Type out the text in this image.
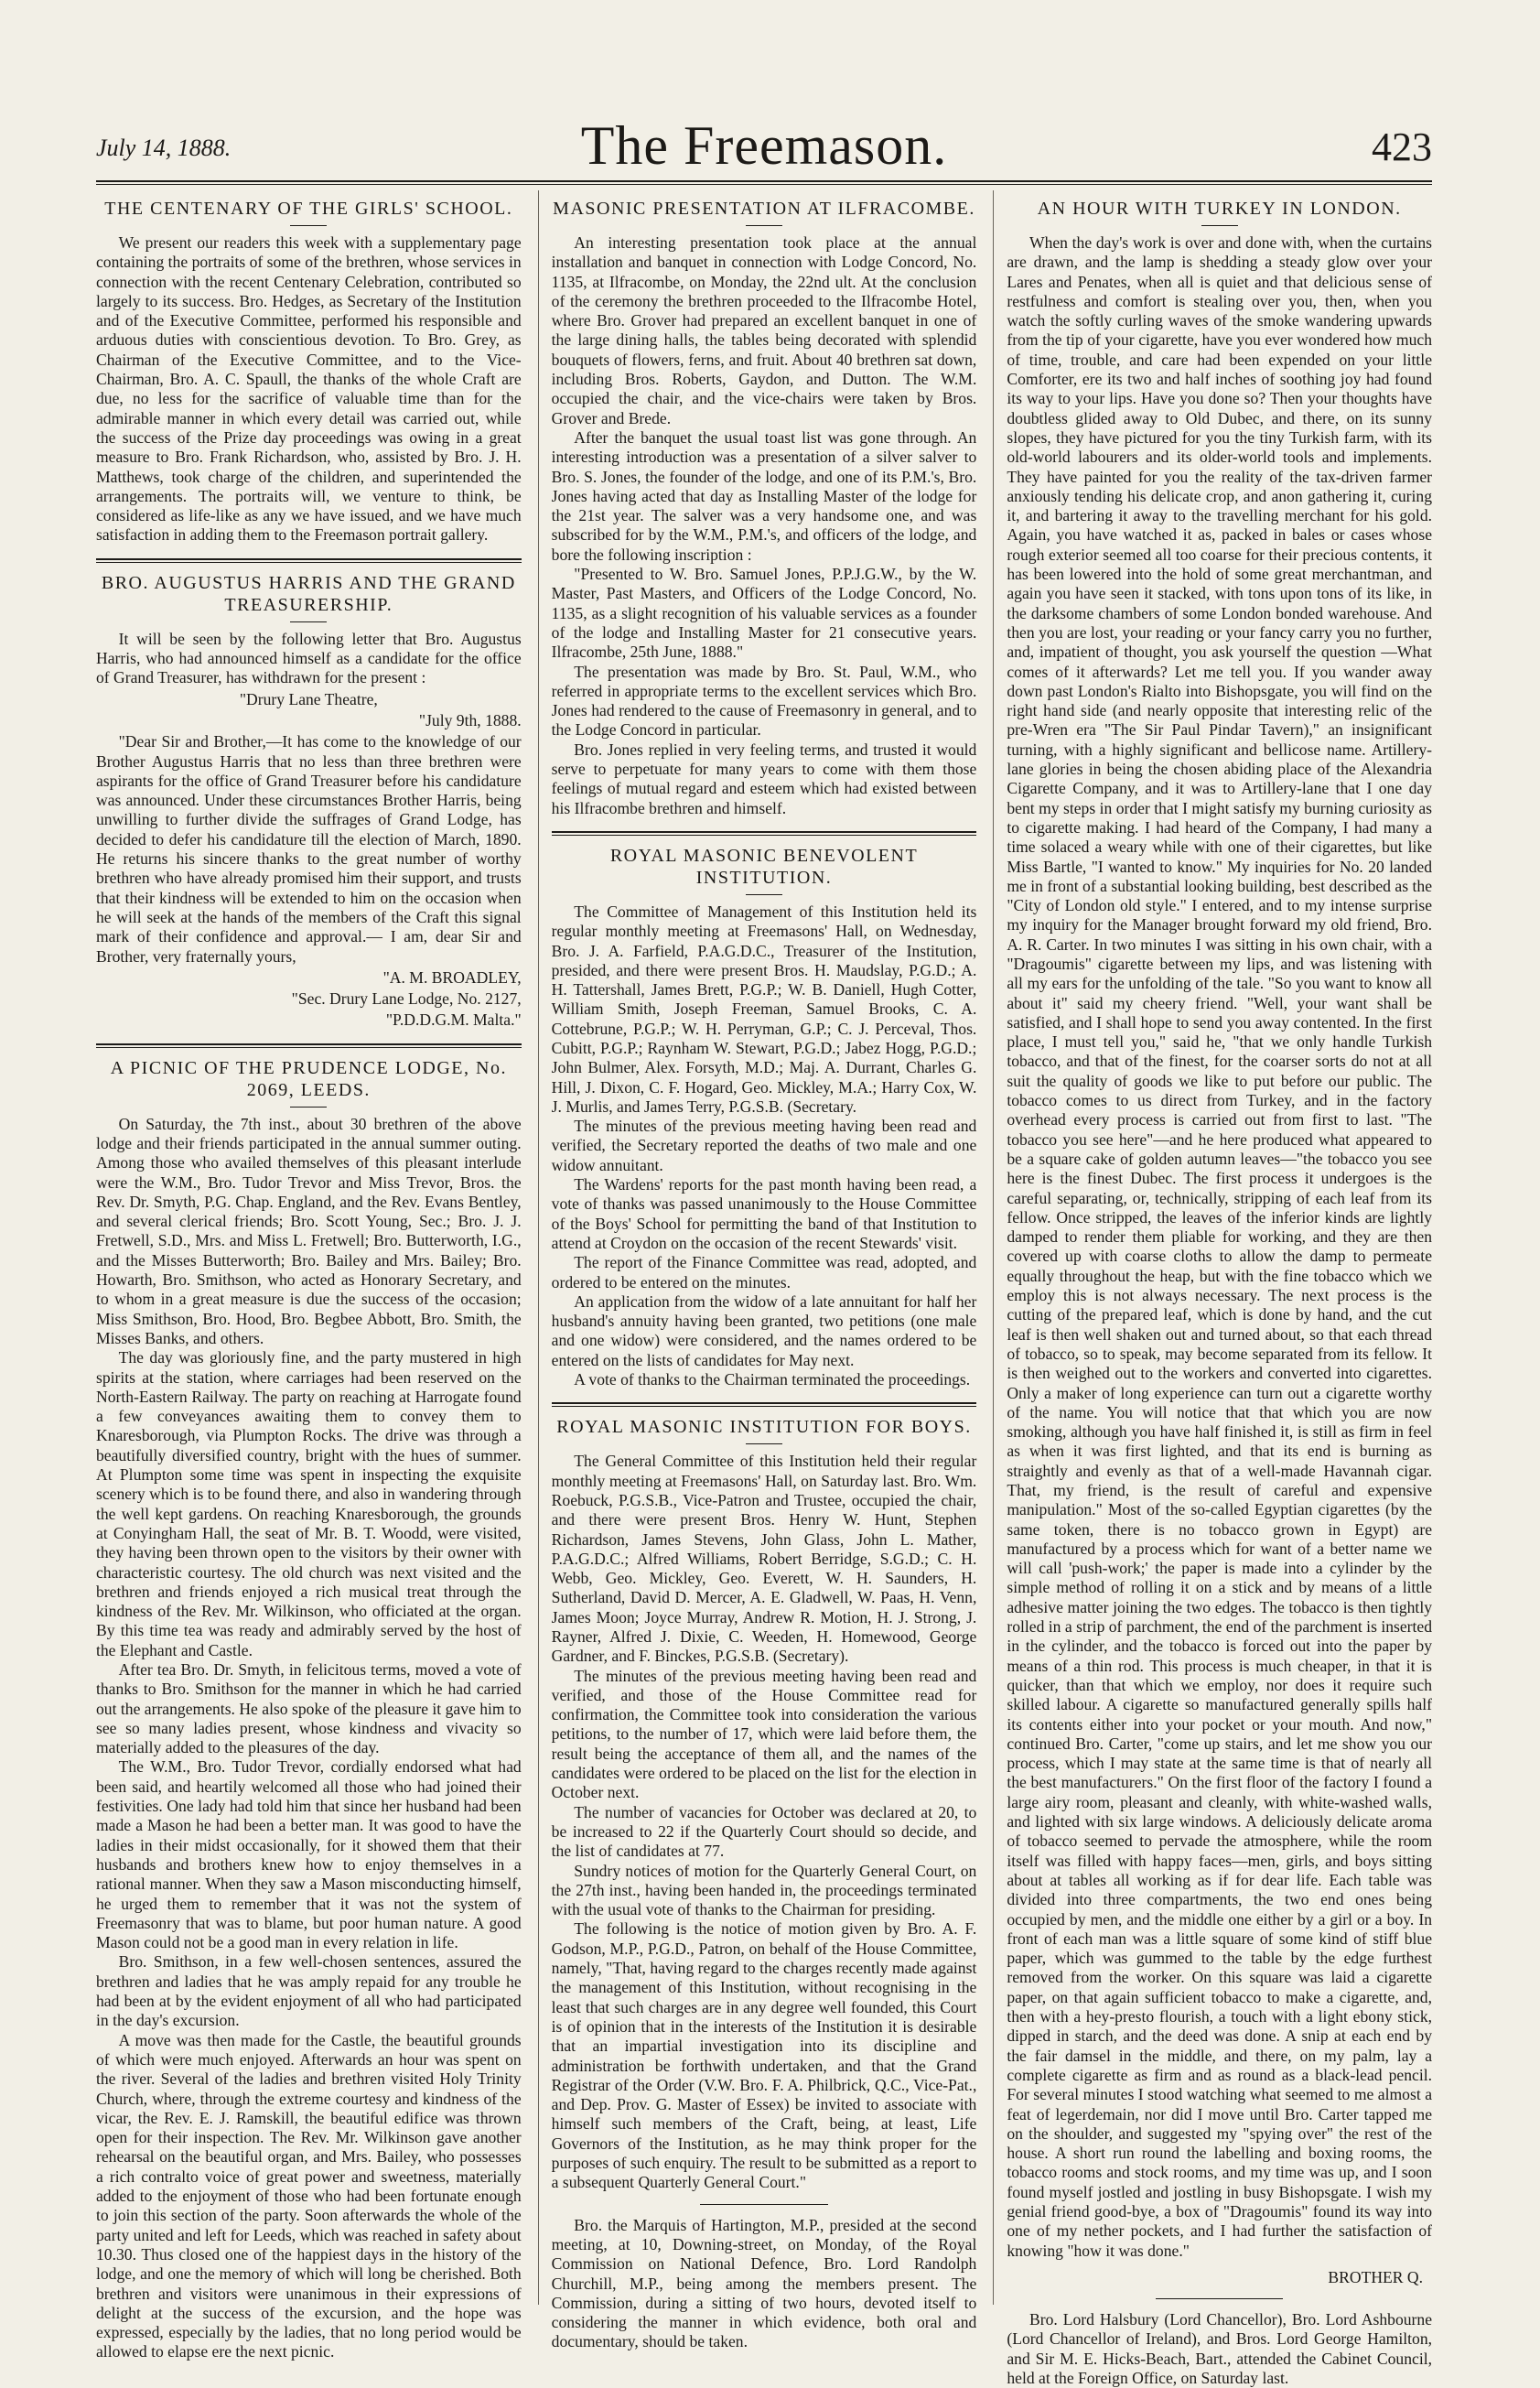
July 14, 1888.	The Freemason.	423
THE CENTENARY OF THE GIRLS' SCHOOL.

We present our readers this week with a supplementary page containing the portraits of some of the brethren, whose services in connection with the recent Centenary Celebration, contributed so largely to its success. Bro. Hedges, as Secretary of the Institution and of the Executive Committee, performed his responsible and arduous duties with conscientious devotion. To Bro. Grey, as Chairman of the Executive Committee, and to the Vice-Chairman, Bro. A. C. Spaull, the thanks of the whole Craft are due, no less for the sacrifice of valuable time than for the admirable manner in which every detail was carried out, while the success of the Prize day proceedings was owing in a great measure to Bro. Frank Richardson, who, assisted by Bro. J. H. Matthews, took charge of the children, and superintended the arrangements. The portraits will, we venture to think, be considered as life-like as any we have issued, and we have much satisfaction in adding them to the Freemason portrait gallery.

BRO. AUGUSTUS HARRIS AND THE GRAND TREASURERSHIP.

It will be seen by the following letter that Bro. Augustus Harris, who had announced himself as a candidate for the office of Grand Treasurer, has withdrawn for the present :

"Drury Lane Theatre,

"July 9th, 1888.

"Dear Sir and Brother,—It has come to the knowledge of our Brother Augustus Harris that no less than three brethren were aspirants for the office of Grand Treasurer before his candidature was announced. Under these circumstances Brother Harris, being unwilling to further divide the suffrages of Grand Lodge, has decided to defer his candidature till the election of March, 1890. He returns his sincere thanks to the great number of worthy brethren who have already promised him their support, and trusts that their kindness will be extended to him on the occasion when he will seek at the hands of the members of the Craft this signal mark of their confidence and approval.— I am, dear Sir and Brother, very fraternally yours,

"A. M. BROADLEY,

"Sec. Drury Lane Lodge, No. 2127,

"P.D.D.G.M. Malta."

A PICNIC OF THE PRUDENCE LODGE, No. 2069, LEEDS.

On Saturday, the 7th inst., about 30 brethren of the above lodge and their friends participated in the annual summer outing. Among those who availed themselves of this pleasant interlude were the W.M., Bro. Tudor Trevor and Miss Trevor, Bros. the Rev. Dr. Smyth, P.G. Chap. England, and the Rev. Evans Bentley, and several clerical friends; Bro. Scott Young, Sec.; Bro. J. J. Fretwell, S.D., Mrs. and Miss L. Fretwell; Bro. Butterworth, I.G., and the Misses Butterworth; Bro. Bailey and Mrs. Bailey; Bro. Howarth, Bro. Smithson, who acted as Honorary Secretary, and to whom in a great measure is due the success of the occasion; Miss Smithson, Bro. Hood, Bro. Begbee Abbott, Bro. Smith, the Misses Banks, and others.

The day was gloriously fine, and the party mustered in high spirits at the station, where carriages had been reserved on the North-Eastern Railway. The party on reaching at Harrogate found a few conveyances awaiting them to convey them to Knaresborough, via Plumpton Rocks. The drive was through a beautifully diversified country, bright with the hues of summer. At Plumpton some time was spent in inspecting the exquisite scenery which is to be found there, and also in wandering through the well kept gardens. On reaching Knaresborough, the grounds at Conyingham Hall, the seat of Mr. B. T. Woodd, were visited, they having been thrown open to the visitors by their owner with characteristic courtesy. The old church was next visited and the brethren and friends enjoyed a rich musical treat through the kindness of the Rev. Mr. Wilkinson, who officiated at the organ. By this time tea was ready and admirably served by the host of the Elephant and Castle.

After tea Bro. Dr. Smyth, in felicitous terms, moved a vote of thanks to Bro. Smithson for the manner in which he had carried out the arrangements. He also spoke of the pleasure it gave him to see so many ladies present, whose kindness and vivacity so materially added to the pleasures of the day.

The W.M., Bro. Tudor Trevor, cordially endorsed what had been said, and heartily welcomed all those who had joined their festivities. One lady had told him that since her husband had been made a Mason he had been a better man. It was good to have the ladies in their midst occasionally, for it showed them that their husbands and brothers knew how to enjoy themselves in a rational manner. When they saw a Mason misconducting himself, he urged them to remember that it was not the system of Freemasonry that was to blame, but poor human nature. A good Mason could not be a good man in every relation in life.

Bro. Smithson, in a few well-chosen sentences, assured the brethren and ladies that he was amply repaid for any trouble he had been at by the evident enjoyment of all who had participated in the day's excursion.

A move was then made for the Castle, the beautiful grounds of which were much enjoyed. Afterwards an hour was spent on the river. Several of the ladies and brethren visited Holy Trinity Church, where, through the extreme courtesy and kindness of the vicar, the Rev. E. J. Ramskill, the beautiful edifice was thrown open for their inspection. The Rev. Mr. Wilkinson gave another rehearsal on the beautiful organ, and Mrs. Bailey, who possesses a rich contralto voice of great power and sweetness, materially added to the enjoyment of those who had been fortunate enough to join this section of the party. Soon afterwards the whole of the party united and left for Leeds, which was reached in safety about 10.30. Thus closed one of the happiest days in the history of the lodge, and one the memory of which will long be cherished. Both brethren and visitors were unanimous in their expressions of delight at the success of the excursion, and the hope was expressed, especially by the ladies, that no long period would be allowed to elapse ere the next picnic.

MASONIC PRESENTATION AT ILFRACOMBE.

An interesting presentation took place at the annual installation and banquet in connection with Lodge Concord, No. 1135, at Ilfracombe, on Monday, the 22nd ult. At the conclusion of the ceremony the brethren proceeded to the Ilfracombe Hotel, where Bro. Grover had prepared an excellent banquet in one of the large dining halls, the tables being decorated with splendid bouquets of flowers, ferns, and fruit. About 40 brethren sat down, including Bros. Roberts, Gaydon, and Dutton. The W.M. occupied the chair, and the vice-chairs were taken by Bros. Grover and Brede.

After the banquet the usual toast list was gone through. An interesting introduction was a presentation of a silver salver to Bro. S. Jones, the founder of the lodge, and one of its P.M.'s, Bro. Jones having acted that day as Installing Master of the lodge for the 21st year. The salver was a very handsome one, and was subscribed for by the W.M., P.M.'s, and officers of the lodge, and bore the following inscription :

"Presented to W. Bro. Samuel Jones, P.P.J.G.W., by the W. Master, Past Masters, and Officers of the Lodge Concord, No. 1135, as a slight recognition of his valuable services as a founder of the lodge and Installing Master for 21 consecutive years. Ilfracombe, 25th June, 1888."

The presentation was made by Bro. St. Paul, W.M., who referred in appropriate terms to the excellent services which Bro. Jones had rendered to the cause of Freemasonry in general, and to the Lodge Concord in particular.

Bro. Jones replied in very feeling terms, and trusted it would serve to perpetuate for many years to come with them those feelings of mutual regard and esteem which had existed between his Ilfracombe brethren and himself.

ROYAL MASONIC BENEVOLENT INSTITUTION.

The Committee of Management of this Institution held its regular monthly meeting at Freemasons' Hall, on Wednesday, Bro. J. A. Farfield, P.A.G.D.C., Treasurer of the Institution, presided, and there were present Bros. H. Maudslay, P.G.D.; A. H. Tattershall, James Brett, P.G.P.; W. B. Daniell, Hugh Cotter, William Smith, Joseph Freeman, Samuel Brooks, C. A. Cottebrune, P.G.P.; W. H. Perryman, G.P.; C. J. Perceval, Thos. Cubitt, P.G.P.; Raynham W. Stewart, P.G.D.; Jabez Hogg, P.G.D.; John Bulmer, Alex. Forsyth, M.D.; Maj. A. Durrant, Charles G. Hill, J. Dixon, C. F. Hogard, Geo. Mickley, M.A.; Harry Cox, W. J. Murlis, and James Terry, P.G.S.B. (Secretary.

The minutes of the previous meeting having been read and verified, the Secretary reported the deaths of two male and one widow annuitant.

The Wardens' reports for the past month having been read, a vote of thanks was passed unanimously to the House Committee of the Boys' School for permitting the band of that Institution to attend at Croydon on the occasion of the recent Stewards' visit.

The report of the Finance Committee was read, adopted, and ordered to be entered on the minutes.

An application from the widow of a late annuitant for half her husband's annuity having been granted, two petitions (one male and one widow) were considered, and the names ordered to be entered on the lists of candidates for May next.

A vote of thanks to the Chairman terminated the proceedings.

ROYAL MASONIC INSTITUTION FOR BOYS.

The General Committee of this Institution held their regular monthly meeting at Freemasons' Hall, on Saturday last. Bro. Wm. Roebuck, P.G.S.B., Vice-Patron and Trustee, occupied the chair, and there were present Bros. Henry W. Hunt, Stephen Richardson, James Stevens, John Glass, John L. Mather, P.A.G.D.C.; Alfred Williams, Robert Berridge, S.G.D.; C. H. Webb, Geo. Mickley, Geo. Everett, W. H. Saunders, H. Sutherland, David D. Mercer, A. E. Gladwell, W. Paas, H. Venn, James Moon; Joyce Murray, Andrew R. Motion, H. J. Strong, J. Rayner, Alfred J. Dixie, C. Weeden, H. Homewood, George Gardner, and F. Binckes, P.G.S.B. (Secretary).

The minutes of the previous meeting having been read and verified, and those of the House Committee read for confirmation, the Committee took into consideration the various petitions, to the number of 17, which were laid before them, the result being the acceptance of them all, and the names of the candidates were ordered to be placed on the list for the election in October next.

The number of vacancies for October was declared at 20, to be increased to 22 if the Quarterly Court should so decide, and the list of candidates at 77.

Sundry notices of motion for the Quarterly General Court, on the 27th inst., having been handed in, the proceedings terminated with the usual vote of thanks to the Chairman for presiding.

The following is the notice of motion given by Bro. A. F. Godson, M.P., P.G.D., Patron, on behalf of the House Committee, namely, "That, having regard to the charges recently made against the management of this Institution, without recognising in the least that such charges are in any degree well founded, this Court is of opinion that in the interests of the Institution it is desirable that an impartial investigation into its discipline and administration be forthwith undertaken, and that the Grand Registrar of the Order (V.W. Bro. F. A. Philbrick, Q.C., Vice-Pat., and Dep. Prov. G. Master of Essex) be invited to associate with himself such members of the Craft, being, at least, Life Governors of the Institution, as he may think proper for the purposes of such enquiry. The result to be submitted as a report to a subsequent Quarterly General Court."

Bro. the Marquis of Hartington, M.P., presided at the second meeting, at 10, Downing-street, on Monday, of the Royal Commission on National Defence, Bro. Lord Randolph Churchill, M.P., being among the members present. The Commission, during a sitting of two hours, devoted itself to considering the manner in which evidence, both oral and documentary, should be taken.

AN HOUR WITH TURKEY IN LONDON.

When the day's work is over and done with, when the curtains are drawn, and the lamp is shedding a steady glow over your Lares and Penates, when all is quiet and that delicious sense of restfulness and comfort is stealing over you, then, when you watch the softly curling waves of the smoke wandering upwards from the tip of your cigarette, have you ever wondered how much of time, trouble, and care had been expended on your little Comforter, ere its two and half inches of soothing joy had found its way to your lips. Have you done so? Then your thoughts have doubtless glided away to Old Dubec, and there, on its sunny slopes, they have pictured for you the tiny Turkish farm, with its old-world labourers and its older-world tools and implements. They have painted for you the reality of the tax-driven farmer anxiously tending his delicate crop, and anon gathering it, curing it, and bartering it away to the travelling merchant for his gold. Again, you have watched it as, packed in bales or cases whose rough exterior seemed all too coarse for their precious contents, it has been lowered into the hold of some great merchantman, and again you have seen it stacked, with tons upon tons of its like, in the darksome chambers of some London bonded warehouse. And then you are lost, your reading or your fancy carry you no further, and, impatient of thought, you ask yourself the question —What comes of it afterwards? Let me tell you. If you wander away down past London's Rialto into Bishopsgate, you will find on the right hand side (and nearly opposite that interesting relic of the pre-Wren era "The Sir Paul Pindar Tavern)," an insignificant turning, with a highly significant and bellicose name. Artillery-lane glories in being the chosen abiding place of the Alexandria Cigarette Company, and it was to Artillery-lane that I one day bent my steps in order that I might satisfy my burning curiosity as to cigarette making. I had heard of the Company, I had many a time solaced a weary while with one of their cigarettes, but like Miss Bartle, "I wanted to know." My inquiries for No. 20 landed me in front of a substantial looking building, best described as the "City of London old style." I entered, and to my intense surprise my inquiry for the Manager brought forward my old friend, Bro. A. R. Carter. In two minutes I was sitting in his own chair, with a "Dragoumis" cigarette between my lips, and was listening with all my ears for the unfolding of the tale. "So you want to know all about it" said my cheery friend. "Well, your want shall be satisfied, and I shall hope to send you away contented. In the first place, I must tell you," said he, "that we only handle Turkish tobacco, and that of the finest, for the coarser sorts do not at all suit the quality of goods we like to put before our public. The tobacco comes to us direct from Turkey, and in the factory overhead every process is carried out from first to last. "The tobacco you see here"—and he here produced what appeared to be a square cake of golden autumn leaves—"the tobacco you see here is the finest Dubec. The first process it undergoes is the careful separating, or, technically, stripping of each leaf from its fellow. Once stripped, the leaves of the inferior kinds are lightly damped to render them pliable for working, and they are then covered up with coarse cloths to allow the damp to permeate equally throughout the heap, but with the fine tobacco which we employ this is not always necessary. The next process is the cutting of the prepared leaf, which is done by hand, and the cut leaf is then well shaken out and turned about, so that each thread of tobacco, so to speak, may become separated from its fellow. It is then weighed out to the workers and converted into cigarettes. Only a maker of long experience can turn out a cigarette worthy of the name. You will notice that that which you are now smoking, although you have half finished it, is still as firm in feel as when it was first lighted, and that its end is burning as straightly and evenly as that of a well-made Havannah cigar. That, my friend, is the result of careful and expensive manipulation." Most of the so-called Egyptian cigarettes (by the same token, there is no tobacco grown in Egypt) are manufactured by a process which for want of a better name we will call 'push-work;' the paper is made into a cylinder by the simple method of rolling it on a stick and by means of a little adhesive matter joining the two edges. The tobacco is then tightly rolled in a strip of parchment, the end of the parchment is inserted in the cylinder, and the tobacco is forced out into the paper by means of a thin rod. This process is much cheaper, in that it is quicker, than that which we employ, nor does it require such skilled labour. A cigarette so manufactured generally spills half its contents either into your pocket or your mouth. And now," continued Bro. Carter, "come up stairs, and let me show you our process, which I may state at the same time is that of nearly all the best manufacturers." On the first floor of the factory I found a large airy room, pleasant and cleanly, with white-washed walls, and lighted with six large windows. A deliciously delicate aroma of tobacco seemed to pervade the atmosphere, while the room itself was filled with happy faces—men, girls, and boys sitting about at tables all working as if for dear life. Each table was divided into three compartments, the two end ones being occupied by men, and the middle one either by a girl or a boy. In front of each man was a little square of some kind of stiff blue paper, which was gummed to the table by the edge furthest removed from the worker. On this square was laid a cigarette paper, on that again sufficient tobacco to make a cigarette, and, then with a hey-presto flourish, a touch with a light ebony stick, dipped in starch, and the deed was done. A snip at each end by the fair damsel in the middle, and there, on my palm, lay a complete cigarette as firm and as round as a black-lead pencil. For several minutes I stood watching what seemed to me almost a feat of legerdemain, nor did I move until Bro. Carter tapped me on the shoulder, and suggested my "spying over" the rest of the house. A short run round the labelling and boxing rooms, the tobacco rooms and stock rooms, and my time was up, and I soon found myself jostled and jostling in busy Bishopsgate. I wish my genial friend good-bye, a box of "Dragoumis" found its way into one of my nether pockets, and I had further the satisfaction of knowing "how it was done."

BROTHER Q.

Bro. Lord Halsbury (Lord Chancellor), Bro. Lord Ashbourne (Lord Chancellor of Ireland), and Bros. Lord George Hamilton, and Sir M. E. Hicks-Beach, Bart., attended the Cabinet Council, held at the Foreign Office, on Saturday last.
